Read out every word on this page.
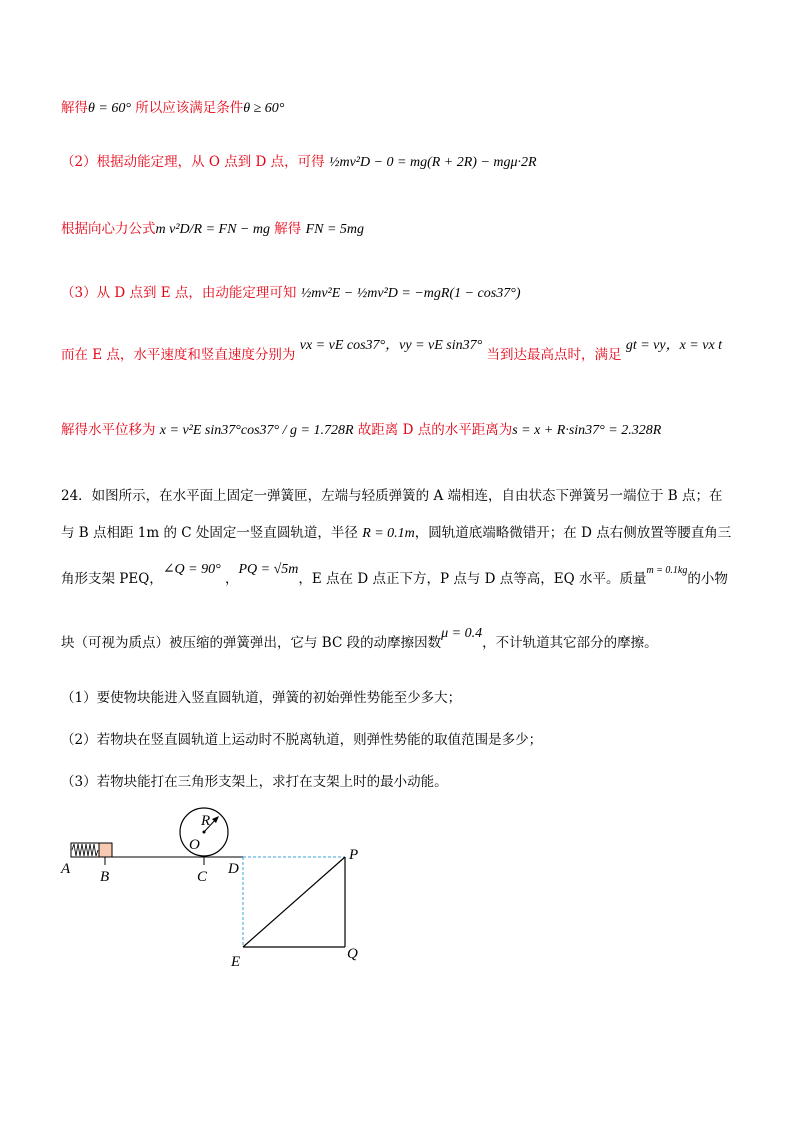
解得θ = 60° 所以应该满足条件θ ≥ 60°
（2）根据动能定理，从 O 点到 D 点，可得 ½mv²D − 0 = mg(R + 2R) − mgμ·2R
根据向心力公式m v²D/R = FN − mg 解得 FN = 5mg
（3）从 D 点到 E 点，由动能定理可知 ½mv²E − ½mv²D = −mgR(1 − cos37°)
而在 E 点，水平速度和竖直速度分别为 vx = vE cos37°，vy = vE sin37° 当到达最高点时，满足 gt = vy，x = vx t
解得水平位移为 x = v²E sin37°cos37° / g = 1.728R 故距离 D 点的水平距离为s = x + R·sin37° = 2.328R
24．如图所示，在水平面上固定一弹簧匣，左端与轻质弹簧的 A 端相连，自由状态下弹簧另一端位于 B 点；在
与 B 点相距 1m 的 C 处固定一竖直圆轨道，半径 R = 0.1m，圆轨道底端略微错开；在 D 点右侧放置等腰直角三
角形支架 PEQ，∠Q = 90° ，PQ = √5m，E 点在 D 点正下方，P 点与 D 点等高，EQ 水平。质量$^{m = 0.1kg}$的小物
块（可视为质点）被压缩的弹簧弹出，它与 BC 段的动摩擦因数μ = 0.4，不计轨道其它部分的摩擦。
（1）要使物块能进入竖直圆轨道，弹簧的初始弹性势能至少多大；
（2）若物块在竖直圆轨道上运动时不脱离轨道，则弹性势能的取值范围是多少；
（3）若物块能打在三角形支架上，求打在支架上时的最小动能。
A B	C
O
R
D
P
E	Q
